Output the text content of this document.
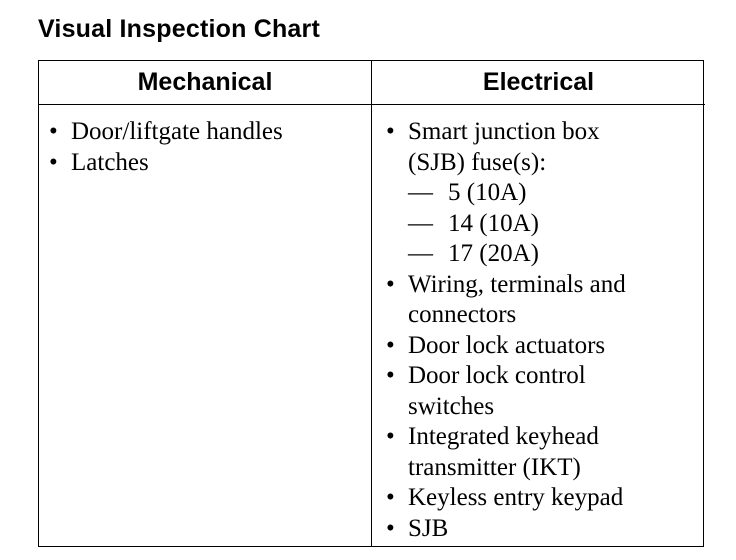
Visual Inspection Chart
Mechanical	Electrical
• Door/liftgate handles
• Latches
• Smart junction box
(SJB) fuse(s):
— 5 (10A)
— 14 (10A)
— 17 (20A)
• Wiring, terminals and
connectors
• Door lock actuators
• Door lock control
switches
• Integrated keyhead
transmitter (IKT)
• Keyless entry keypad
• SJB
